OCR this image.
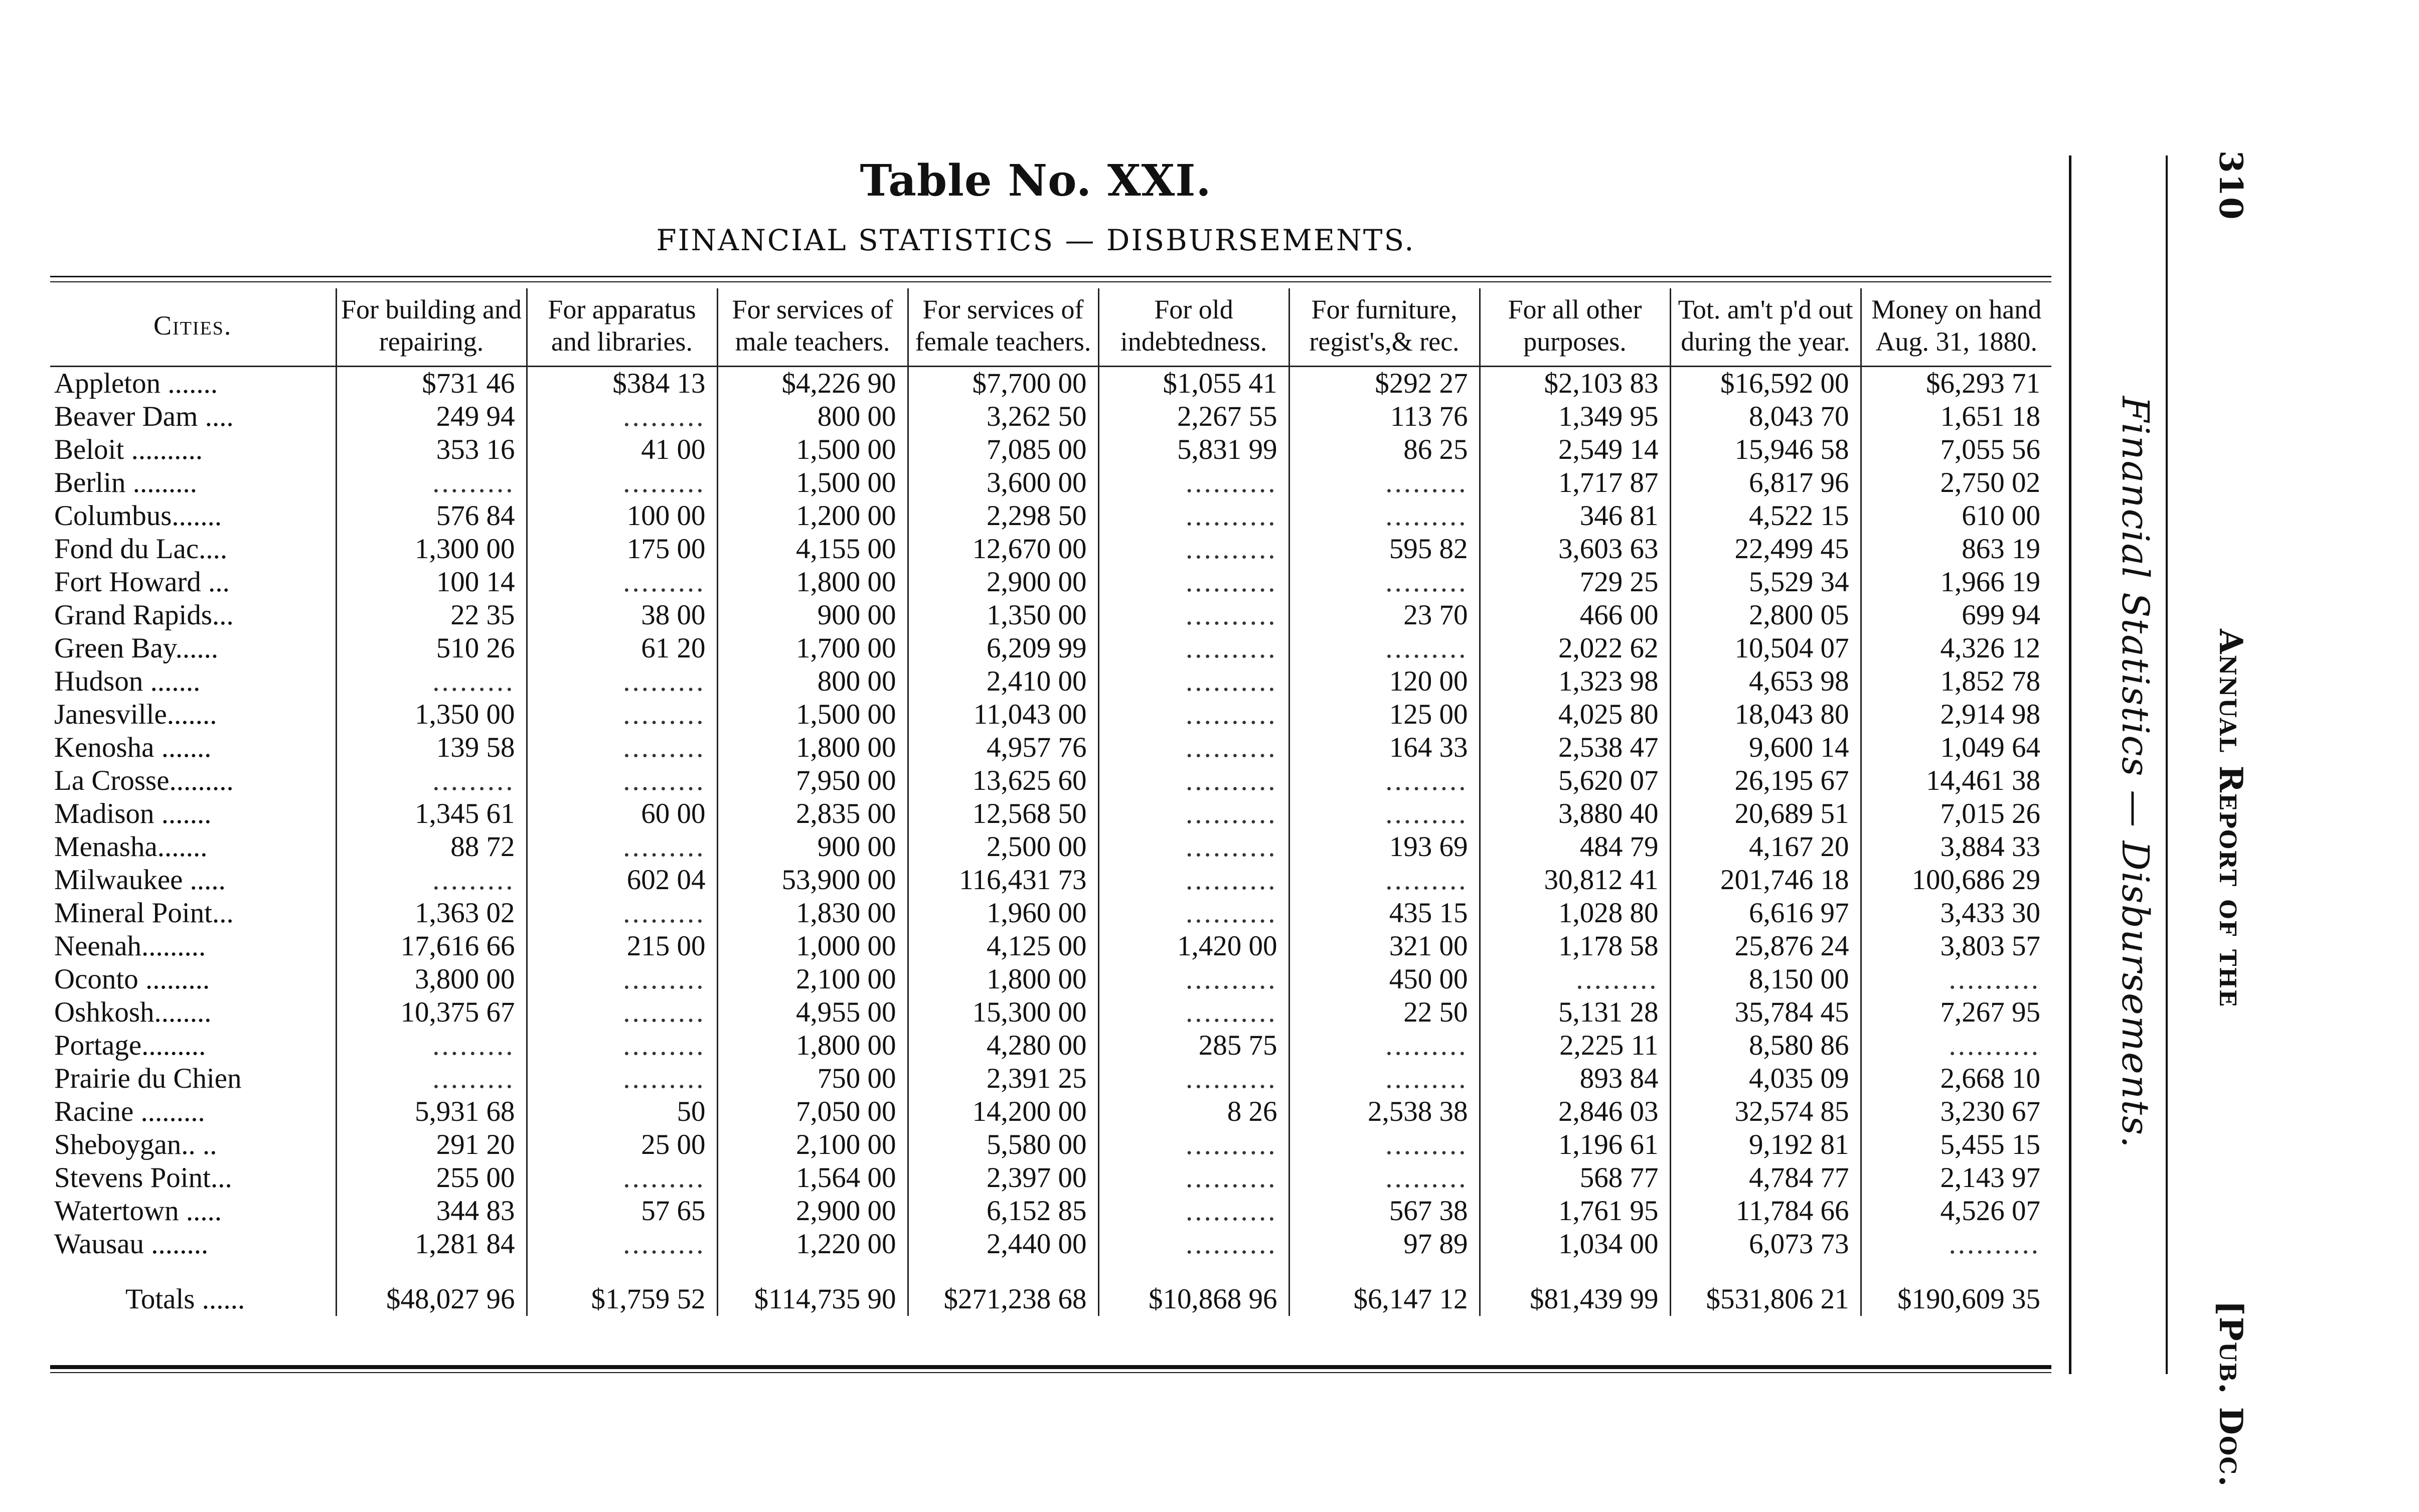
Table No. XXI.
FINANCIAL STATISTICS — DISBURSEMENTS.
Cities.	For building and repairing.	For apparatus and libraries.	For services of male teachers.	For services of female teachers.	For old indebtedness.	For furniture, regist's,& rec.	For all other purposes.	Tot. am't p'd out during the year.	Money on hand Aug. 31, 1880.
Appleton .......	$731 46	$384 13	$4,226 90	$7,700 00	$1,055 41	$292 27	$2,103 83	$16,592 00	$6,293 71
Beaver Dam ....	249 94	.........	800 00	3,262 50	2,267 55	113 76	1,349 95	8,043 70	1,651 18
Beloit ..........	353 16	41 00	1,500 00	7,085 00	5,831 99	86 25	2,549 14	15,946 58	7,055 56
Berlin .........	.........	.........	1,500 00	3,600 00	..........	.........	1,717 87	6,817 96	2,750 02
Columbus.......	576 84	100 00	1,200 00	2,298 50	..........	.........	346 81	4,522 15	610 00
Fond du Lac....	1,300 00	175 00	4,155 00	12,670 00	..........	595 82	3,603 63	22,499 45	863 19
Fort Howard ...	100 14	.........	1,800 00	2,900 00	..........	.........	729 25	5,529 34	1,966 19
Grand Rapids...	22 35	38 00	900 00	1,350 00	..........	23 70	466 00	2,800 05	699 94
Green Bay......	510 26	61 20	1,700 00	6,209 99	..........	.........	2,022 62	10,504 07	4,326 12
Hudson .......	.........	.........	800 00	2,410 00	..........	120 00	1,323 98	4,653 98	1,852 78
Janesville.......	1,350 00	.........	1,500 00	11,043 00	..........	125 00	4,025 80	18,043 80	2,914 98
Kenosha .......	139 58	.........	1,800 00	4,957 76	..........	164 33	2,538 47	9,600 14	1,049 64
La Crosse.........	.........	.........	7,950 00	13,625 60	..........	.........	5,620 07	26,195 67	14,461 38
Madison .......	1,345 61	60 00	2,835 00	12,568 50	..........	.........	3,880 40	20,689 51	7,015 26
Menasha.......	88 72	.........	900 00	2,500 00	..........	193 69	484 79	4,167 20	3,884 33
Milwaukee .....	.........	602 04	53,900 00	116,431 73	..........	.........	30,812 41	201,746 18	100,686 29
Mineral Point...	1,363 02	.........	1,830 00	1,960 00	..........	435 15	1,028 80	6,616 97	3,433 30
Neenah.........	17,616 66	215 00	1,000 00	4,125 00	1,420 00	321 00	1,178 58	25,876 24	3,803 57
Oconto .........	3,800 00	.........	2,100 00	1,800 00	..........	450 00	.........	8,150 00	..........
Oshkosh........	10,375 67	.........	4,955 00	15,300 00	..........	22 50	5,131 28	35,784 45	7,267 95
Portage.........	.........	.........	1,800 00	4,280 00	285 75	.........	2,225 11	8,580 86	..........
Prairie du Chien	.........	.........	750 00	2,391 25	..........	.........	893 84	4,035 09	2,668 10
Racine .........	5,931 68	50	7,050 00	14,200 00	8 26	2,538 38	2,846 03	32,574 85	3,230 67
Sheboygan.. ..	291 20	25 00	2,100 00	5,580 00	..........	.........	1,196 61	9,192 81	5,455 15
Stevens Point...	255 00	.........	1,564 00	2,397 00	..........	.........	568 77	4,784 77	2,143 97
Watertown .....	344 83	57 65	2,900 00	6,152 85	..........	567 38	1,761 95	11,784 66	4,526 07
Wausau ........	1,281 84	.........	1,220 00	2,440 00	..........	97 89	1,034 00	6,073 73	..........

Totals ......	$48,027 96	$1,759 52	$114,735 90	$271,238 68	$10,868 96	$6,147 12	$81,439 99	$531,806 21	$190,609 35
Financial Statistics — Disbursements.
310 Annual Report of the [Pub. Doc.
